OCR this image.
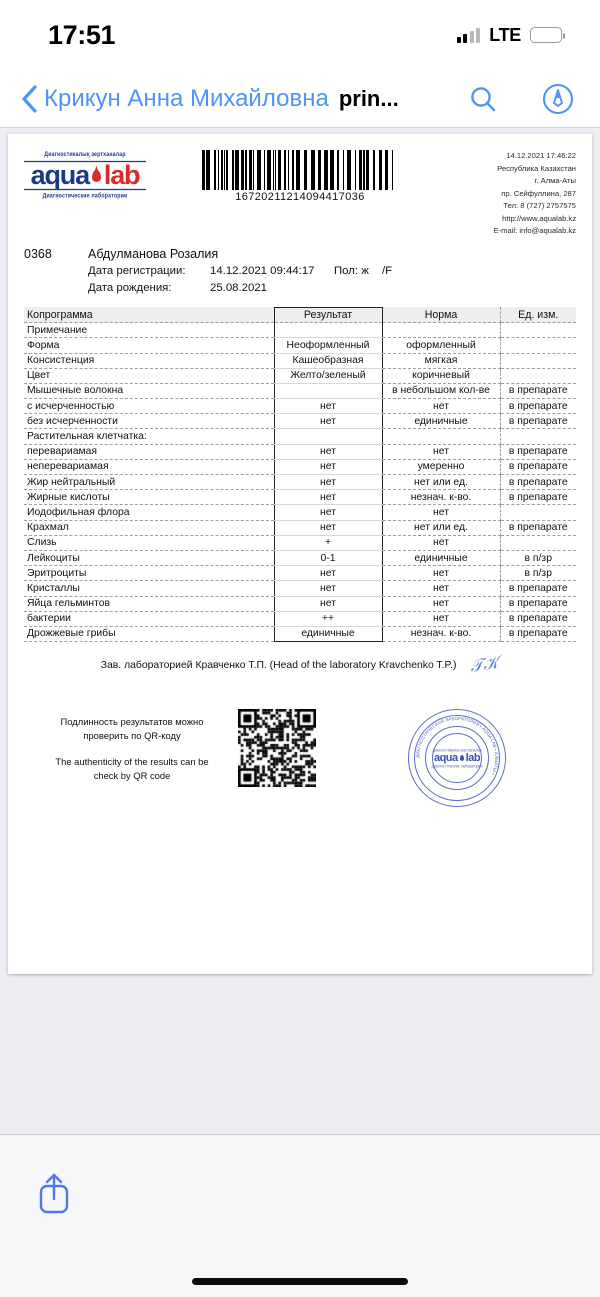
17:51	LTE
Крикун Анна Михайловна prin...
Диагностикалық зертханалар
aqua lab
Диагностические лаборатории	16720211214094417036
14.12.2021 17:46:22
Республика Казахстан
г. Алма-Аты
пр. Сейфуллина, 287
Тел: 8 (727) 2757575
http://www.aqualab.kz
E-mail: info@aqualab.kz
0368	Абдулманова Розалия
Дата регистрации:	14.12.2021 09:44:17	Пол: ж	/F
Дата рождения:	25.08.2021
Копрограмма	Результат	Норма	Ед. изм.
Примечание			
Форма	Неоформленный	оформленный	
Консистенция	Кашеобразная	мягкая	
Цвет	Желто/зеленый	коричневый	
Мышечные волокна		в небольшом кол-ве	в препарате
с исчерченностью	нет	нет	в препарате
без исчерченности	нет	единичные	в препарате
Растительная клетчатка:			
перевариамая	нет	нет	в препарате
неперевариамая	нет	умеренно	в препарате
Жир нейтральный	нет	нет или ед.	в препарате
Жирные кислоты	нет	незнач. к-во.	в препарате
Иодофильная флора	нет	нет	
Крахмал	нет	нет или ед.	в препарате
Слизь	+	нет	
Лейкоциты	0-1	единичные	в п/зр
Эритроциты	нет	нет	в п/зр
Кристаллы	нет	нет	в препарате
Яйца гельминтов	нет	нет	в препарате
бактерии	++	нет	в препарате
Дрожжевые грибы	единичные	незнач. к-во.	в препарате
Зав. лабораторией Кравченко Т.П. (Head of the laboratory Kravchenko T.P.) 𝒯𝒦
Подлинность результатов можно
проверить по QR-коду
The authenticity of the results can be
check by QR code
ДИАГНОСТИЧЕСКАЯ ЛАБОРАТОРИЯ • AQUA LAB • АЛМАТЫ •
Диагностикалық зертханалар
aqua lab
Диагностические лаборатории
